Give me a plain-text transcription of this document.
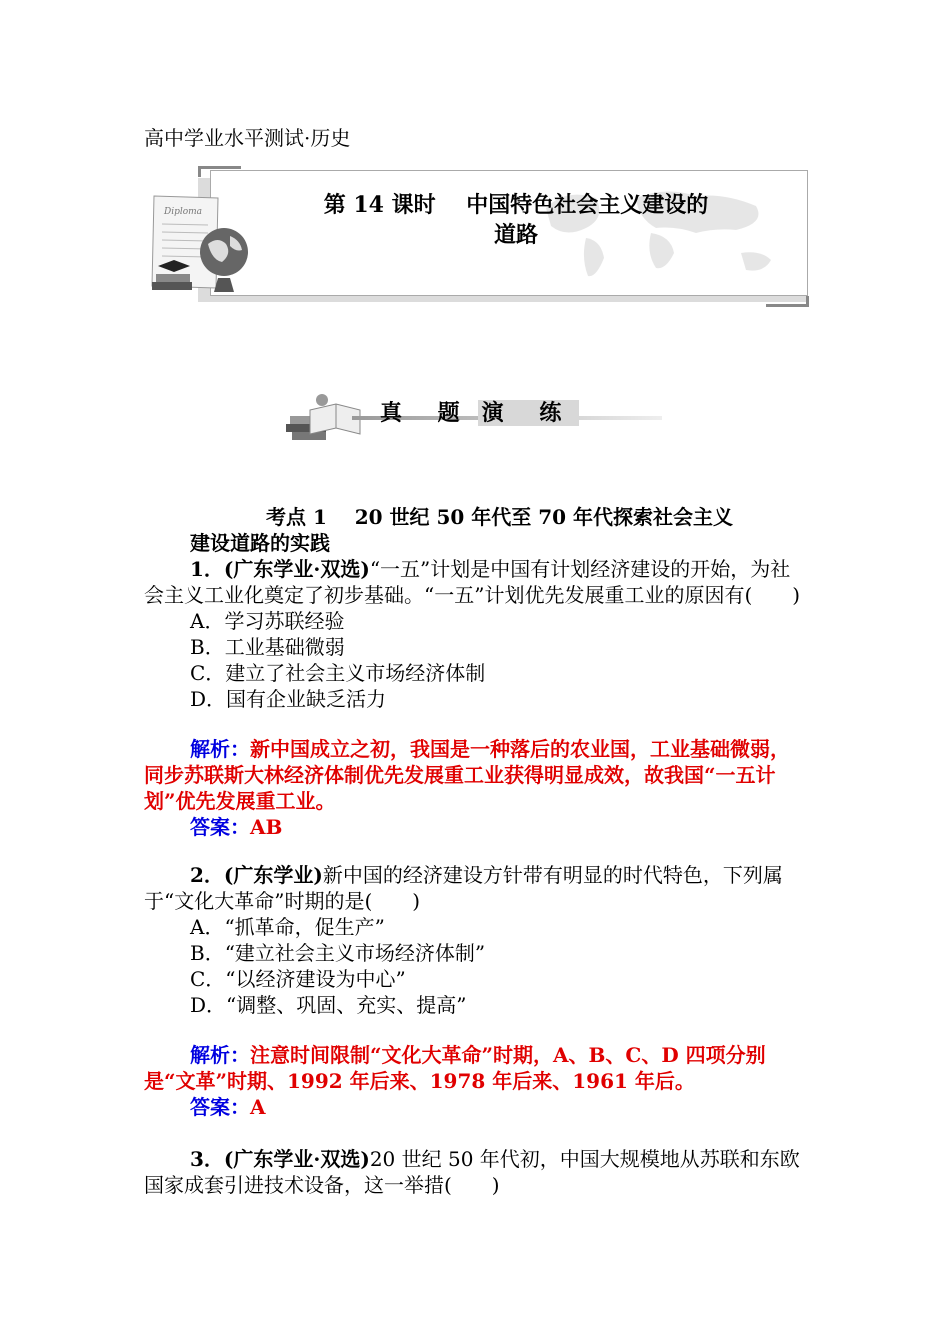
高中学业水平测试·历史
Diploma	第 14 课时    中国特色社会主义建设的
道路
真 题 演 练

考点 1    20 世纪 50 年代至 70 年代探索社会主义

建设道路的实践

1．(广东学业·双选)“一五”计划是中国有计划经济建设的开始，为社会主义工业化奠定了初步基础。“一五”计划优先发展重工业的原因有(　　)

A．学习苏联经验

B．工业基础微弱

C．建立了社会主义市场经济体制

D．国有企业缺乏活力

解析：新中国成立之初，我国是一种落后的农业国，工业基础微弱，同步苏联斯大林经济体制优先发展重工业获得明显成效，故我国“一五计划”优先发展重工业。

答案：AB

2．(广东学业)新中国的经济建设方针带有明显的时代特色，下列属于“文化大革命”时期的是(　　)

A．“抓革命，促生产”

B．“建立社会主义市场经济体制”

C．“以经济建设为中心”

D．“调整、巩固、充实、提高”

解析：注意时间限制“文化大革命”时期，A、B、C、D 四项分别是“文革”时期、1992 年后来、1978 年后来、1961 年后。

答案：A

3．(广东学业·双选)20 世纪 50 年代初，中国大规模地从苏联和东欧国家成套引进技术设备，这一举措(　　)
